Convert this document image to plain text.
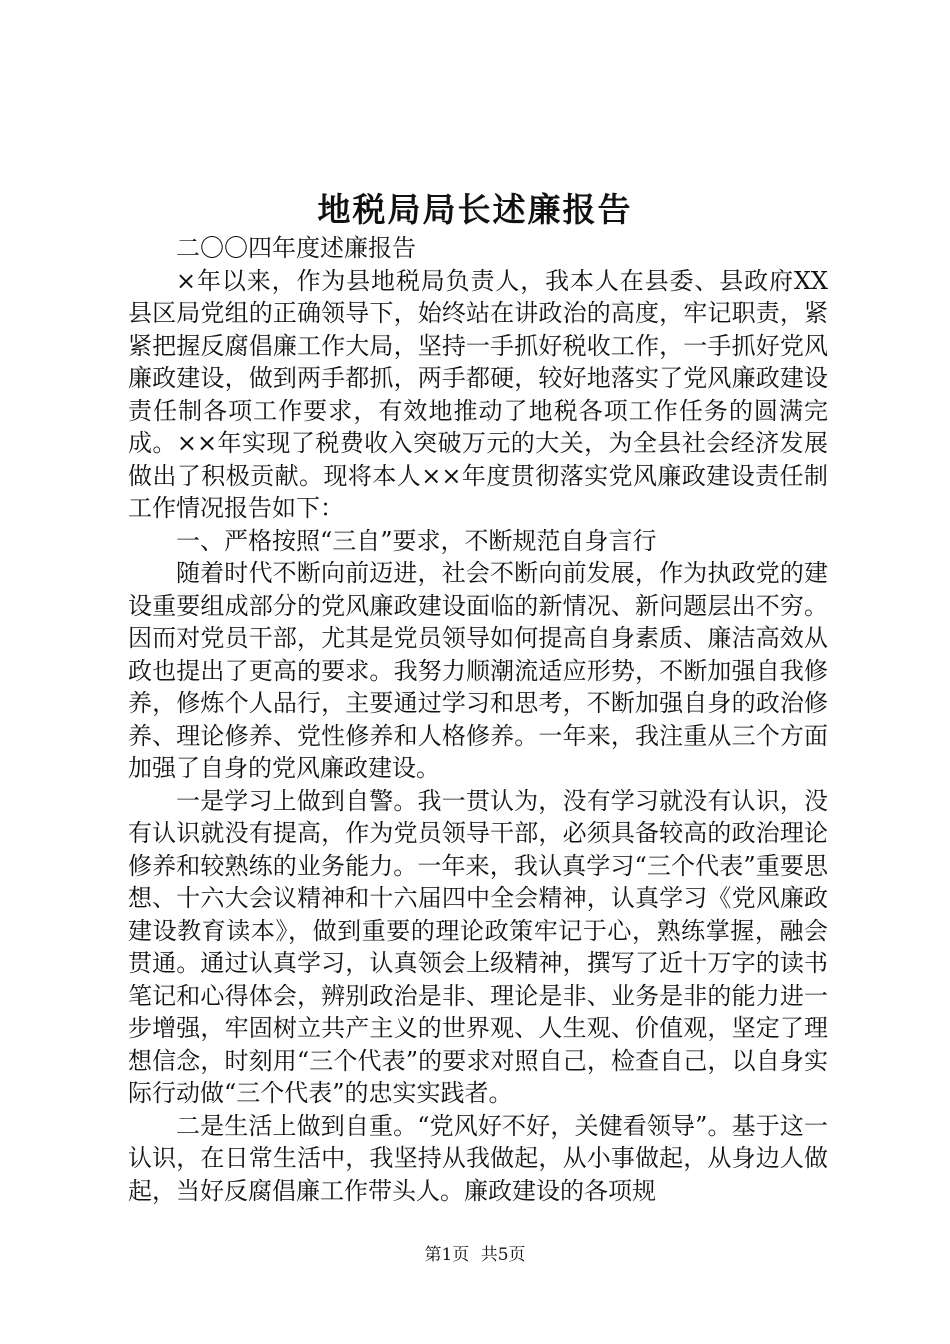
地税局局长述廉报告

二〇〇四年度述廉报告

×年以来，作为县地税局负责人，我本人在县委、县政府XX县区局党组的正确领导下，始终站在讲政治的高度，牢记职责，紧紧把握反腐倡廉工作大局，坚持一手抓好税收工作，一手抓好党风廉政建设，做到两手都抓，两手都硬，较好地落实了党风廉政建设责任制各项工作要求，有效地推动了地税各项工作任务的圆满完成。××年实现了税费收入突破万元的大关，为全县社会经济发展做出了积极贡献。现将本人××年度贯彻落实党风廉政建设责任制工作情况报告如下：

一、严格按照“三自”要求，不断规范自身言行

随着时代不断向前迈进，社会不断向前发展，作为执政党的建设重要组成部分的党风廉政建设面临的新情况、新问题层出不穷。因而对党员干部，尤其是党员领导如何提高自身素质、廉洁高效从政也提出了更高的要求。我努力顺潮流适应形势，不断加强自我修养，修炼个人品行，主要通过学习和思考，不断加强自身的政治修养、理论修养、党性修养和人格修养。一年来，我注重从三个方面加强了自身的党风廉政建设。

一是学习上做到自警。我一贯认为，没有学习就没有认识，没有认识就没有提高，作为党员领导干部，必须具备较高的政治理论修养和较熟练的业务能力。一年来，我认真学习“三个代表”重要思想、十六大会议精神和十六届四中全会精神，认真学习《党风廉政建设教育读本》，做到重要的理论政策牢记于心，熟练掌握，融会贯通。通过认真学习，认真领会上级精神，撰写了近十万字的读书笔记和心得体会，辨别政治是非、理论是非、业务是非的能力进一步增强，牢固树立共产主义的世界观、人生观、价值观，坚定了理想信念，时刻用“三个代表”的要求对照自己，检查自己，以自身实际行动做“三个代表”的忠实实践者。

二是生活上做到自重。“党风好不好，关健看领导”。基于这一认识，在日常生活中，我坚持从我做起，从小事做起，从身边人做起，当好反腐倡廉工作带头人。廉政建设的各项规

第1页 共5页
